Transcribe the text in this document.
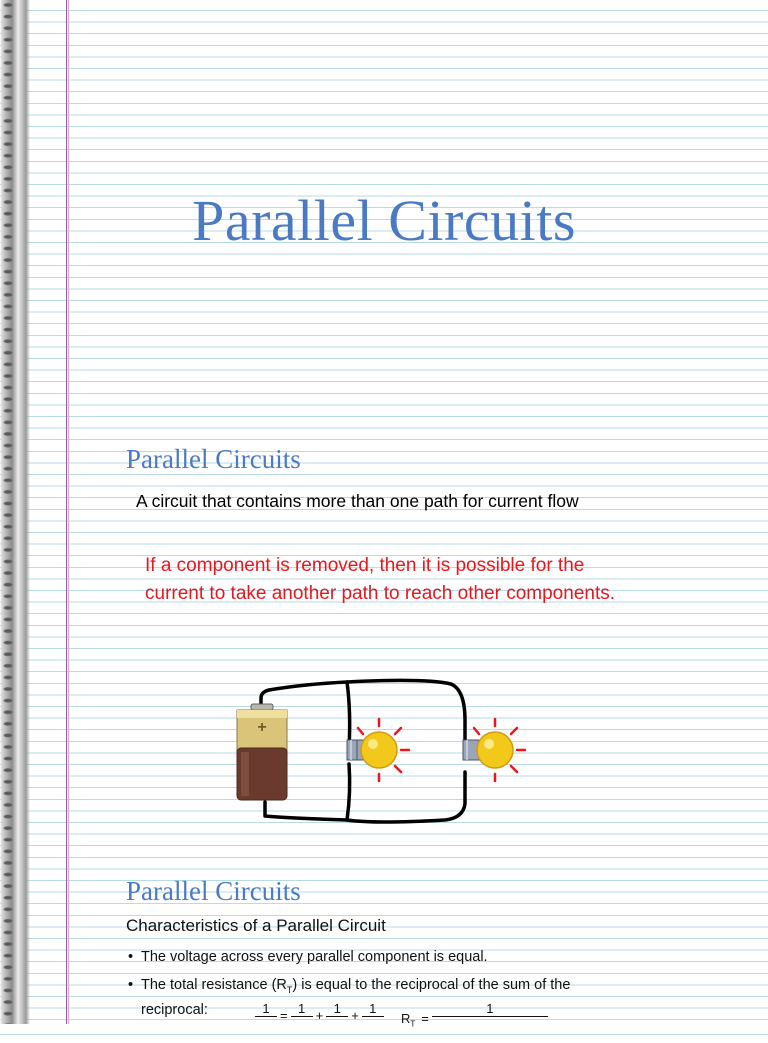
Parallel Circuits
Parallel Circuits
A circuit that contains more than one path for current flow
If a component is removed, then it is possible for the current to take another path to reach other components.
+
Parallel Circuits
Characteristics of a Parallel Circuit
• The voltage across every parallel component is equal.
• The total resistance $(R_T)$ is equal to the reciprocal of the sum of the reciprocal:	1 = 1 + 1 + 1
$R_T$ =
1
